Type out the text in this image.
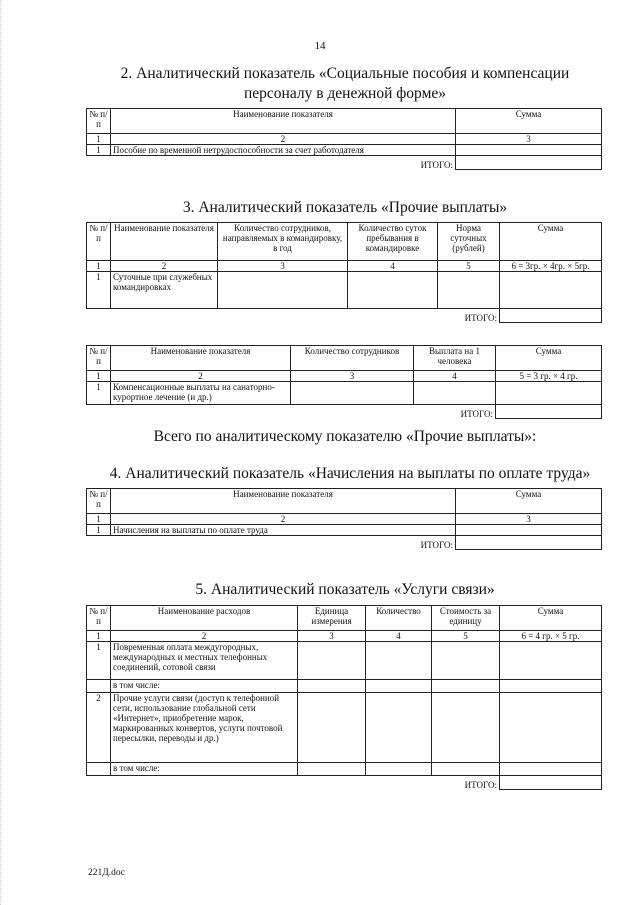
14
2. Аналитический показатель «Социальные пособия и компенсации
персоналу в денежной форме»
№ п/п	Наименование показателя	Сумма
1	2	3
1	Пособие по временной нетрудоспособности за счет работодателя	
	ИТОГО:	
3. Аналитический показатель «Прочие выплаты»
№ п/п	Наименование показателя	Количество сотрудников, направляемых в командировку, в год	Количество суток пребывания в командировке	Норма суточных (рублей)	Сумма
1	2	3	4	5	6 = 3гр. × 4гр. × 5гр.
1	Суточные при служебных командировках				
				ИТОГО:	
№ п/п	Наименование показателя	Количество сотрудников	Выплата на 1 человека	Сумма
1	2	3	4	5 = 3 гр. × 4 гр.
1	Компенсационные выплаты на санаторно-курортное лечение (и др.)			
			ИТОГО:	
Всего по аналитическому показателю «Прочие выплаты»:
4. Аналитический показатель «Начисления на выплаты по оплате труда»
№ п/п	Наименование показателя	Сумма
1	2	3
1	Начисления на выплаты по оплате труда	
	ИТОГО:	
5. Аналитический показатель «Услуги связи»
№ п/п	Наименование расходов	Единица измерения	Количество	Стоимость за единицу	Сумма
1	2	3	4	5	6 = 4 гр. × 5 гр.
1	Повременная оплата междугородных, международных и местных телефонных соединений, сотовой связи				
	в том числе:				
2	Прочие услуги связи (доступ к телефонной сети, использование глобальной сети «Интернет», приобретение марок, маркированных конвертов, услуги почтовой пересылки, переводы и др.)				
	в том числе:				
				ИТОГО:	
221Д.doc
